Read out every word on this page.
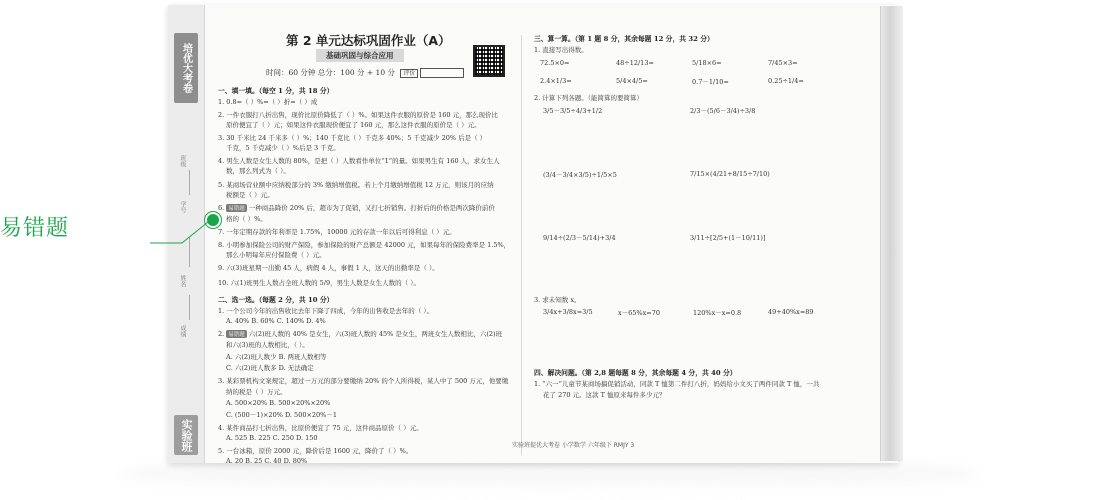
培优大考卷
班级
学号
姓名
成绩
实验班
第 2 单元达标巩固作业（A）
基础巩固与综合应用
时间：60 分钟 总分：100 分 + 10 分 评价
一、填一填。（每空 1 分，共 18 分）
1. 0.8=（ ）%=（ ）折=（ ）成
2. 一件衣服打八折出售，现价比原价降低了（ ）%。如果这件衣服的原价是 160 元，那么现价比
原价便宜了（ ）元；如果这件衣服现价便宜了 160 元，那么这件衣服的原价是（ ）元。
3. 30 千米比 24 千米多（ ）%；140 千克比（ ）千克多 40%；5 千克减少 20% 后是（ ）
千克，5 千克减少（ ）%后是 3 千克。
4. 男生人数是女生人数的 80%，是把（ ）人数看作单位“1”的量。如果男生有 160 人，求女生人
数，那么列式为（ ）。
5. 某商场营业额中应纳税部分的 3% 缴纳增值税。若上个月缴纳增值税 12 万元，则该月的应纳
税额是（ ）元。
6. 易错题 一种商品降价 20% 后，超市为了促销，又打七折销售。打折后的价格是两次降价前价
格的（ ）%。
7. 一年定期存款的年利率是 1.75%，10000 元的存款一年以后可得利息（ ）元。
8. 小明参加保险公司的财产保险，参加保险的财产总额是 42000 元，如果每年的保险费率是 1.5%，
那么小明每年应付保险费（ ）元。
9. 六(3)班星期一出勤 45 人，病假 4 人，事假 1 人，这天的出勤率是（ ）。
10. 六(1)班男生人数占全班人数的 5/9，男生人数是女生人数的（ ）。
二、选一选。（每题 2 分，共 10 分）
1. 一个公司今年的出售收比去年下降了四成，今年的出售收是去年的（ ）。
A. 40% B. 60% C. 140% D. 4%
2. 易错题 六(2)班人数的 40% 是女生，六(3)班人数的 45% 是女生，两班女生人数相比，六(2)班
和六(3)班的人数相比，（ ）。
A. 六(2)班人数少 B. 两班人数相等
C. 六(2)班人数多 D. 无法确定
3. 某彩票机构文案规定，超过一万元的部分要缴纳 20% 的个人所得税，某人中了 500 万元，他要缴
纳的税是（ ）万元。
A. 500×20% B. 500×20%×20%
C. (500－1)×20% D. 500×20%－1
4. 某件商品打七折出售，比原价便宜了 75 元，这件商品原价（ ）元。
A. 525 B. 225 C. 250 D. 150
5. 一台冰箱，原价 2000 元，降价后是 1600 元，降价了（ ）%。
A. 20 B. 25 C. 40 D. 80%
三、算一算。（第 1 题 8 分，其余每题 12 分，共 32 分）
1. 直接写出得数。
72.5×0=	48÷12/13=	5/18×6=	7/45×3=
2.4×1/3=	5/4×4/5=	0.7－1/10=	0.25÷1/4=
2. 计算下列各题。（能简算的要简算）
3/5－3/5÷4/3+1/2	2/3－(5/6－3/4)÷3/8
(3/4－3/4×3/5)÷1/5×5	7/15×(4/21+8/15÷7/10)
9/14÷(2/3－5/14)+3/4	3/11÷[2/5+(1－10/11)]
3. 求未知数 x。
3/4x+3/8x=3/5	x－65%x=70	120%x－x=0.8	49+40%x=89
四、解决问题。（第 2,8 题每题 8 分，其余每题 4 分，共 40 分）
1. “六一”儿童节某商场搞促销活动，同款 T 恤第二件打八折，妈妈给小文买了两件同款 T 恤，一共
花了 270 元。这款 T 恤原来每件多少元？
实验班提优大考卷 小学数学 六年级下 RMJY 3
易错题
